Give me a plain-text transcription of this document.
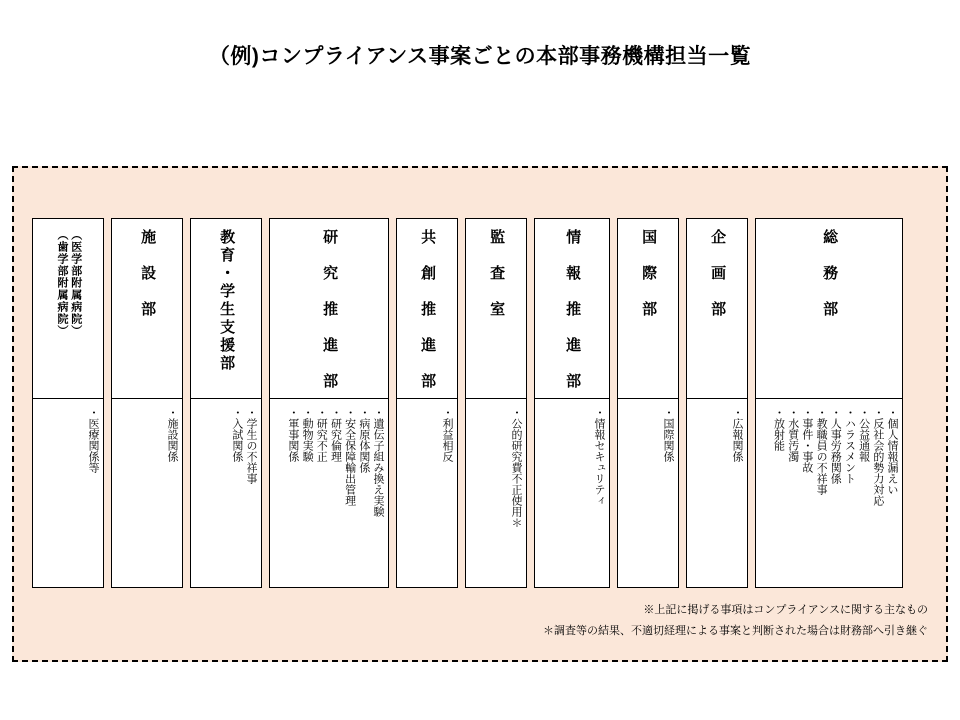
（例)コンプライアンス事案ごとの本部事務機構担当一覧
（医学部附属病院）
（歯学部附属病院）
・ 医療関係等
施　設　部
・ 施設関係
教育・学生支援部
・ 学生の不祥事
・ 入試関係
研　究　推　進　部
・ 遺伝子組み換え実験
・ 病原体関係
・ 安全保障輸出管理
・ 研究倫理
・ 研究不正
・ 動物実験
・ 軍事関係
共　創　推　進　部
・ 利益相反
監　査　室
・ 公的研究費不正使用＊
情　報　推　進　部
・ 情報セキュリティ
国　際　部
・ 国際関係
企　画　部
・ 広報関係
総　務　部
・ 個人情報漏えい
・ 反社会的勢力対応
・ 公益通報
・ ハラスメント
・ 人事労務関係
・ 教職員の不祥事
・ 事件・事故
・ 水質汚濁
・ 放射能
※上記に掲げる事項はコンプライアンスに関する主なもの
＊調査等の結果、不適切経理による事案と判断された場合は財務部へ引き継ぐ
